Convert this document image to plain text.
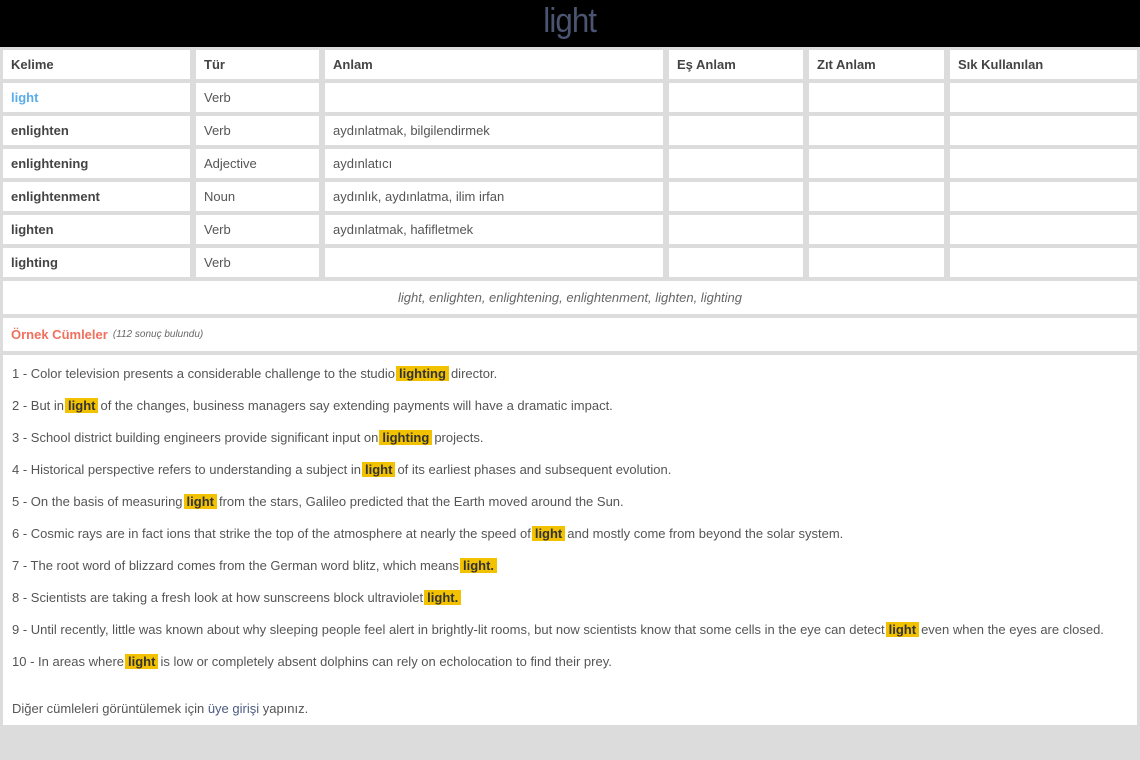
light
Kelime	Tür	Anlam	Eş Anlam	Zıt Anlam	Sık Kullanılan
light	Verb				
enlighten	Verb	aydınlatmak, bilgilendirmek			
enlightening	Adjective	aydınlatıcı			
enlightenment	Noun	aydınlık, aydınlatma, ilim irfan			
lighten	Verb	aydınlatmak, hafifletmek			
lighting	Verb				
light, enlighten, enlightening, enlightenment, lighten, lighting
Örnek Cümleler (112 sonuç bulundu)
1 - Color television presents a considerable challenge to the studio lighting director.
2 - But in light of the changes, business managers say extending payments will have a dramatic impact.
3 - School district building engineers provide significant input on lighting projects.
4 - Historical perspective refers to understanding a subject in light of its earliest phases and subsequent evolution.
5 - On the basis of measuring light from the stars, Galileo predicted that the Earth moved around the Sun.
6 - Cosmic rays are in fact ions that strike the top of the atmosphere at nearly the speed of light and mostly come from beyond the solar system.
7 - The root word of blizzard comes from the German word blitz, which means light.
8 - Scientists are taking a fresh look at how sunscreens block ultraviolet light.
9 - Until recently, little was known about why sleeping people feel alert in brightly-lit rooms, but now scientists know that some cells in the eye can detect light even when the eyes are closed.
10 - In areas where light is low or completely absent dolphins can rely on echolocation to find their prey.
Diğer cümleleri görüntülemek için üye girişi yapınız.
